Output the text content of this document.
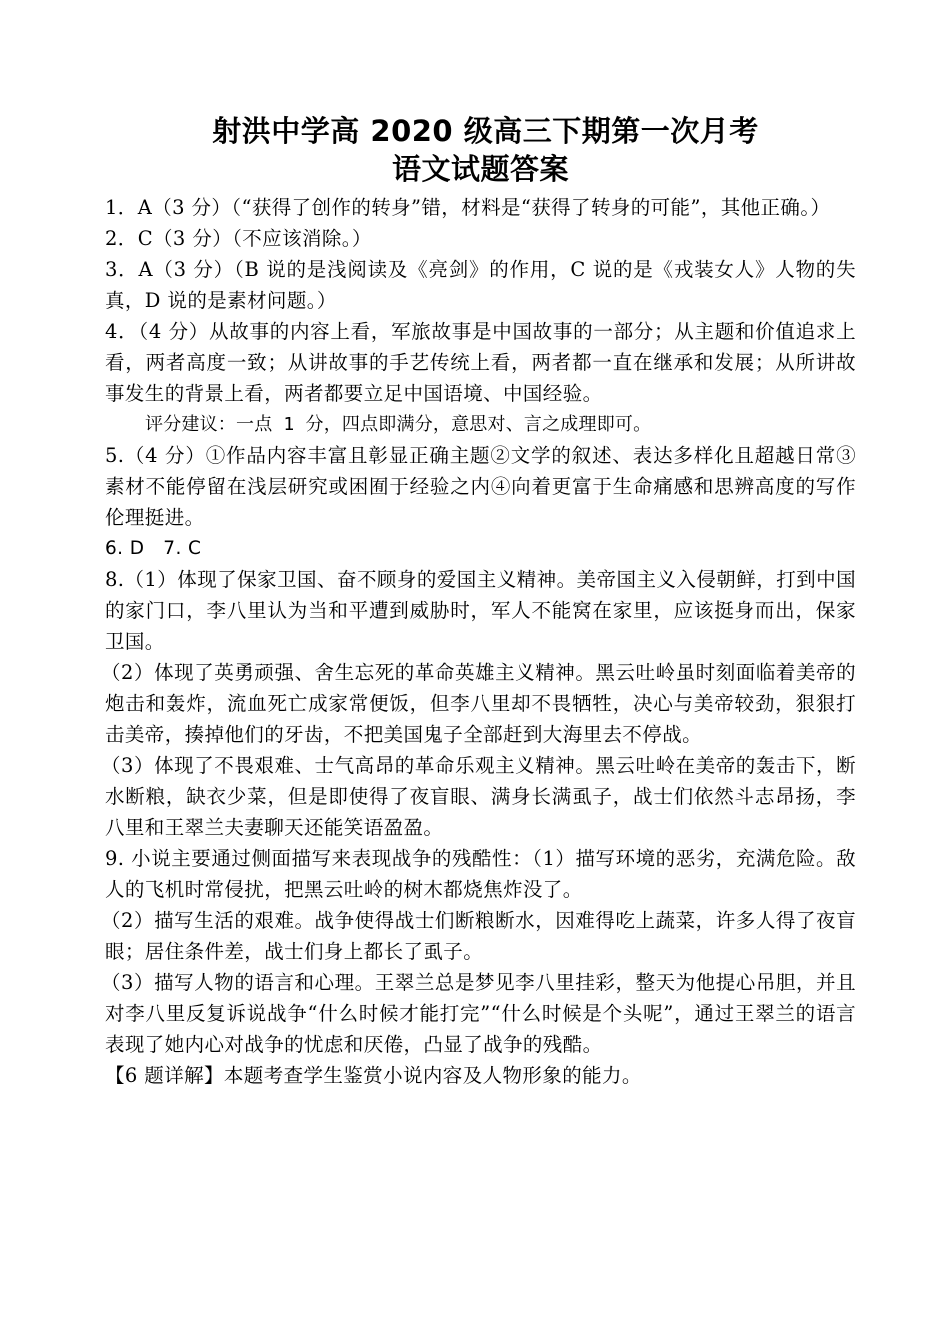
射洪中学高 2020 级高三下期第一次月考
语文试题答案

1．A（3 分）（“获得了创作的转身”错，材料是“获得了转身的可能”，其他正确。）

2．C（3 分）（不应该消除。）

3．A（3 分）（B 说的是浅阅读及《亮剑》的作用，C 说的是《戎装女人》人物的失真，D 说的是素材问题。）

4．（4 分）从故事的内容上看，军旅故事是中国故事的一部分；从主题和价值追求上看，两者高度一致；从讲故事的手艺传统上看，两者都一直在继承和发展；从所讲故事发生的背景上看，两者都要立足中国语境、中国经验。

评分建议：一点 1 分，四点即满分，意思对、言之成理即可。

5.（4 分）①作品内容丰富且彰显正确主题②文学的叙述、表达多样化且超越日常③素材不能停留在浅层研究或困囿于经验之内④向着更富于生命痛感和思辨高度的写作伦理挺进。

6. D　7. C

8.（1）体现了保家卫国、奋不顾身的爱国主义精神。美帝国主义入侵朝鲜，打到中国的家门口，李八里认为当和平遭到威胁时，军人不能窝在家里，应该挺身而出，保家卫国。

（2）体现了英勇顽强、舍生忘死的革命英雄主义精神。黑云吐岭虽时刻面临着美帝的炮击和轰炸，流血死亡成家常便饭，但李八里却不畏牺牲，决心与美帝较劲，狠狠打击美帝，揍掉他们的牙齿，不把美国鬼子全部赶到大海里去不停战。

（3）体现了不畏艰难、士气高昂的革命乐观主义精神。黑云吐岭在美帝的轰击下，断水断粮，缺衣少菜，但是即使得了夜盲眼、满身长满虱子，战士们依然斗志昂扬，李八里和王翠兰夫妻聊天还能笑语盈盈。

9. 小说主要通过侧面描写来表现战争的残酷性：（1）描写环境的恶劣，充满危险。敌人的飞机时常侵扰，把黑云吐岭的树木都烧焦炸没了。

（2）描写生活的艰难。战争使得战士们断粮断水，因难得吃上蔬菜，许多人得了夜盲眼；居住条件差，战士们身上都长了虱子。

（3）描写人物的语言和心理。王翠兰总是梦见李八里挂彩，整天为他提心吊胆，并且对李八里反复诉说战争“什么时候才能打完”“什么时候是个头呢”，通过王翠兰的语言表现了她内心对战争的忧虑和厌倦，凸显了战争的残酷。

【6 题详解】本题考查学生鉴赏小说内容及人物形象的能力。
